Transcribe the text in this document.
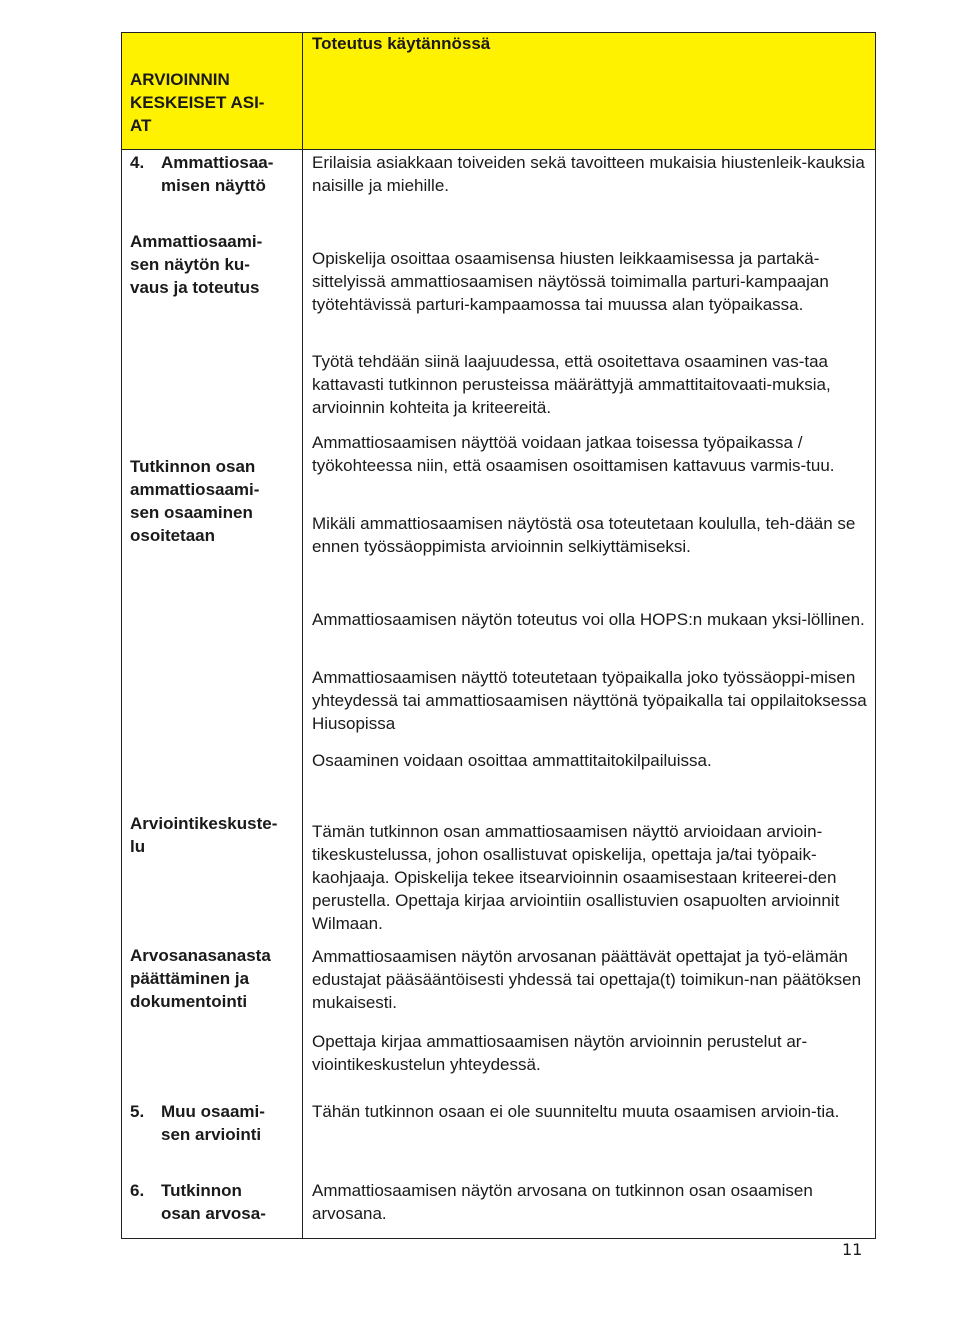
ARVIOINNIN KESKEISET ASI-AT

Toteutus käytännössä

4. Ammattiosaa-misen näyttö

Erilaisia asiakkaan toiveiden sekä tavoitteen mukaisia hiustenleik-kauksia naisille ja miehille.

Ammattiosaami-sen näytön ku-vaus ja toteutus

Tutkinnon osan ammattiosaami-sen osaaminen osoitetaan

Opiskelija osoittaa osaamisensa hiusten leikkaamisessa ja partakä-sittelyissä ammattiosaamisen näytössä toimimalla parturi-kampaajan työtehtävissä parturi-kampaamossa tai muussa alan työpaikassa.

Työtä tehdään siinä laajuudessa, että osoitettava osaaminen vas-taa kattavasti tutkinnon perusteissa määrättyjä ammattitaitovaati-muksia, arvioinnin kohteita ja kriteereitä.

Ammattiosaamisen näyttöä voidaan jatkaa toisessa työpaikassa / työkohteessa niin, että osaamisen osoittamisen kattavuus varmis-tuu.

Mikäli ammattiosaamisen näytöstä osa toteutetaan koululla, teh-dään se ennen työssäoppimista arvioinnin selkiyttämiseksi.

Ammattiosaamisen näytön toteutus voi olla HOPS:n mukaan yksi-löllinen.

Ammattiosaamisen näyttö toteutetaan työpaikalla joko työssäoppi-misen yhteydessä tai ammattiosaamisen näyttönä työpaikalla tai oppilaitoksessa Hiusopissa

Osaaminen voidaan osoittaa ammattitaitokilpailuissa.

Arviointikeskuste-lu

Arvosanasanasta päättäminen ja dokumentointi

Tämän tutkinnon osan ammattiosaamisen näyttö arvioidaan arvioin-tikeskustelussa, johon osallistuvat opiskelija, opettaja ja/tai työpaik-kaohjaaja. Opiskelija tekee itsearvioinnin osaamisestaan kriteerei-den perustella. Opettaja kirjaa arviointiin osallistuvien osapuolten arvioinnit Wilmaan.

Ammattiosaamisen näytön arvosanan päättävät opettajat ja työ-elämän edustajat pääsääntöisesti yhdessä tai opettaja(t) toimikun-nan päätöksen mukaisesti.

Opettaja kirjaa ammattiosaamisen näytön arvioinnin perustelut ar-viointikeskustelun yhteydessä.

5. Muu osaami-sen arviointi

Tähän tutkinnon osaan ei ole suunniteltu muuta osaamisen arvioin-tia.

6. Tutkinnon osan arvosa-

Ammattiosaamisen näytön arvosana on tutkinnon osan osaamisen arvosana.

11
